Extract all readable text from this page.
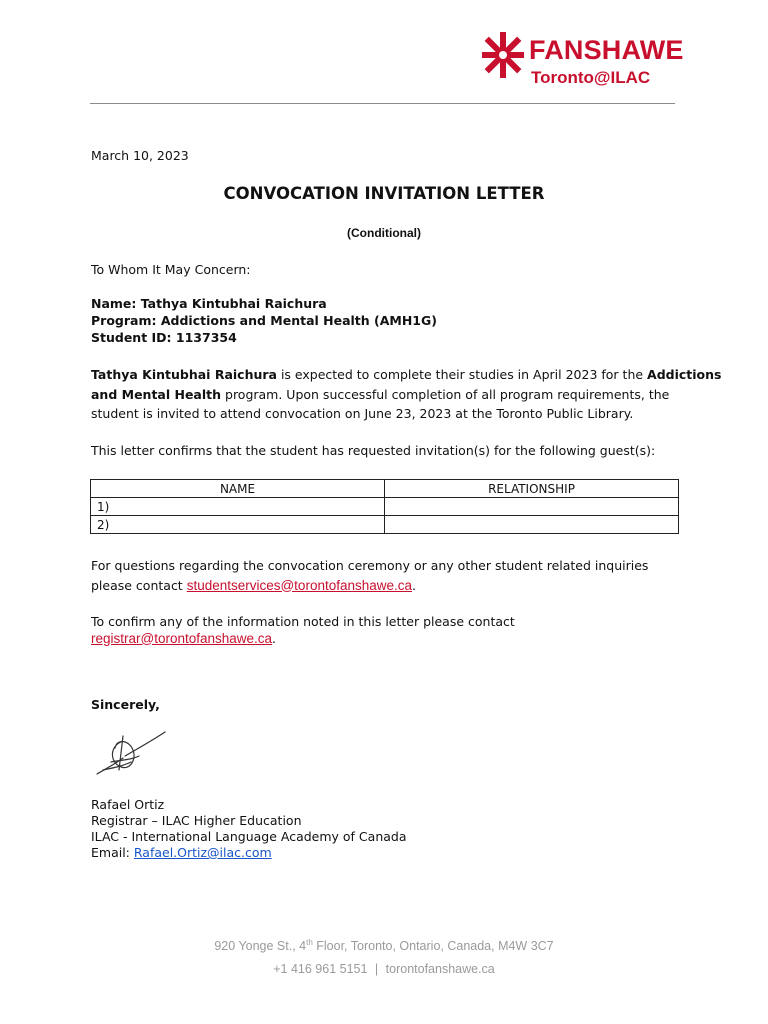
FANSHAWE
Toronto@ILAC
March 10, 2023
CONVOCATION INVITATION LETTER
(Conditional)
To Whom It May Concern:
Name: Tathya Kintubhai Raichura
Program: Addictions and Mental Health (AMH1G)
Student ID: 1137354
Tathya Kintubhai Raichura is expected to complete their studies in April 2023 for the Addictions
and Mental Health program. Upon successful completion of all program requirements, the
student is invited to attend convocation on June 23, 2023 at the Toronto Public Library.
This letter confirms that the student has requested invitation(s) for the following guest(s):
NAME	RELATIONSHIP
1)	
2)	
For questions regarding the convocation ceremony or any other student related inquiries
please contact studentservices@torontofanshawe.ca.
To confirm any of the information noted in this letter please contact
registrar@torontofanshawe.ca.
Sincerely,
Rafael Ortiz
Registrar – ILAC Higher Education
ILAC - International Language Academy of Canada
Email: Rafael.Ortiz@ilac.com
920 Yonge St., 4th Floor, Toronto, Ontario, Canada, M4W 3C7
+1 416 961 5151 | torontofanshawe.ca
